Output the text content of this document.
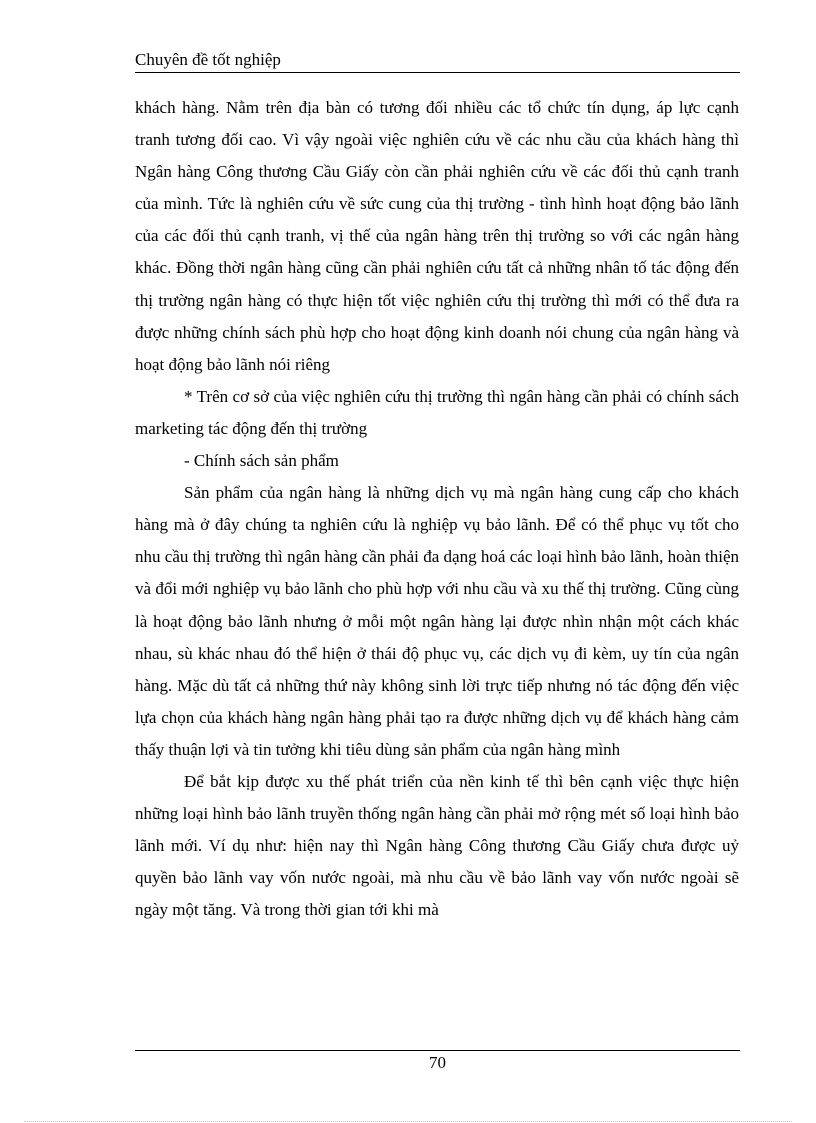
Chuyên đề tốt nghiệp

khách hàng. Nằm trên địa bàn có tương đối nhiều các tổ chức tín dụng, áp lực cạnh tranh tương đối cao. Vì vậy ngoài việc nghiên cứu về các nhu cầu của khách hàng thì Ngân hàng Công thương Cầu Giấy còn cần phải nghiên cứu về các đối thủ cạnh tranh của mình. Tức là nghiên cứu về sức cung của thị trường - tình hình hoạt động bảo lãnh của các đối thủ cạnh tranh, vị thế của ngân hàng trên thị trường so với các ngân hàng khác. Đồng thời ngân hàng cũng cần phải nghiên cứu tất cả những nhân tố tác động đến thị trường ngân hàng có thực hiện tốt việc nghiên cứu thị trường thì mới có thể đưa ra được những chính sách phù hợp cho hoạt động kinh doanh nói chung của ngân hàng và hoạt động bảo lãnh nói riêng

* Trên cơ sở của việc nghiên cứu thị trường thì ngân hàng cần phải có chính sách marketing tác động đến thị trường

- Chính sách sản phẩm

Sản phẩm của ngân hàng là những dịch vụ mà ngân hàng cung cấp cho khách hàng mà ở đây chúng ta nghiên cứu là nghiệp vụ bảo lãnh. Để có thể phục vụ tốt cho nhu cầu thị trường thì ngân hàng cần phải đa dạng hoá các loại hình bảo lãnh, hoàn thiện và đổi mới nghiệp vụ bảo lãnh cho phù hợp với nhu cầu và xu thế thị trường. Cũng cùng là hoạt động bảo lãnh nhưng ở mỗi một ngân hàng lại được nhìn nhận một cách khác nhau, sù khác nhau đó thể hiện ở thái độ phục vụ, các dịch vụ đi kèm, uy tín của ngân hàng. Mặc dù tất cả những thứ này không sinh lời trực tiếp nhưng nó tác động đến việc lựa chọn của khách hàng ngân hàng phải tạo ra được những dịch vụ để khách hàng cảm thấy thuận lợi và tin tưởng khi tiêu dùng sản phẩm của ngân hàng mình

Để bắt kịp được xu thế phát triển của nền kinh tế thì bên cạnh việc thực hiện những loại hình bảo lãnh truyền thống ngân hàng cần phải mở rộng mét số loại hình bảo lãnh mới. Ví dụ như: hiện nay thì Ngân hàng Công thương Cầu Giấy chưa được uỷ quyền bảo lãnh vay vốn nước ngoài, mà nhu cầu về bảo lãnh vay vốn nước ngoài sẽ ngày một tăng. Và trong thời gian tới khi mà

70
